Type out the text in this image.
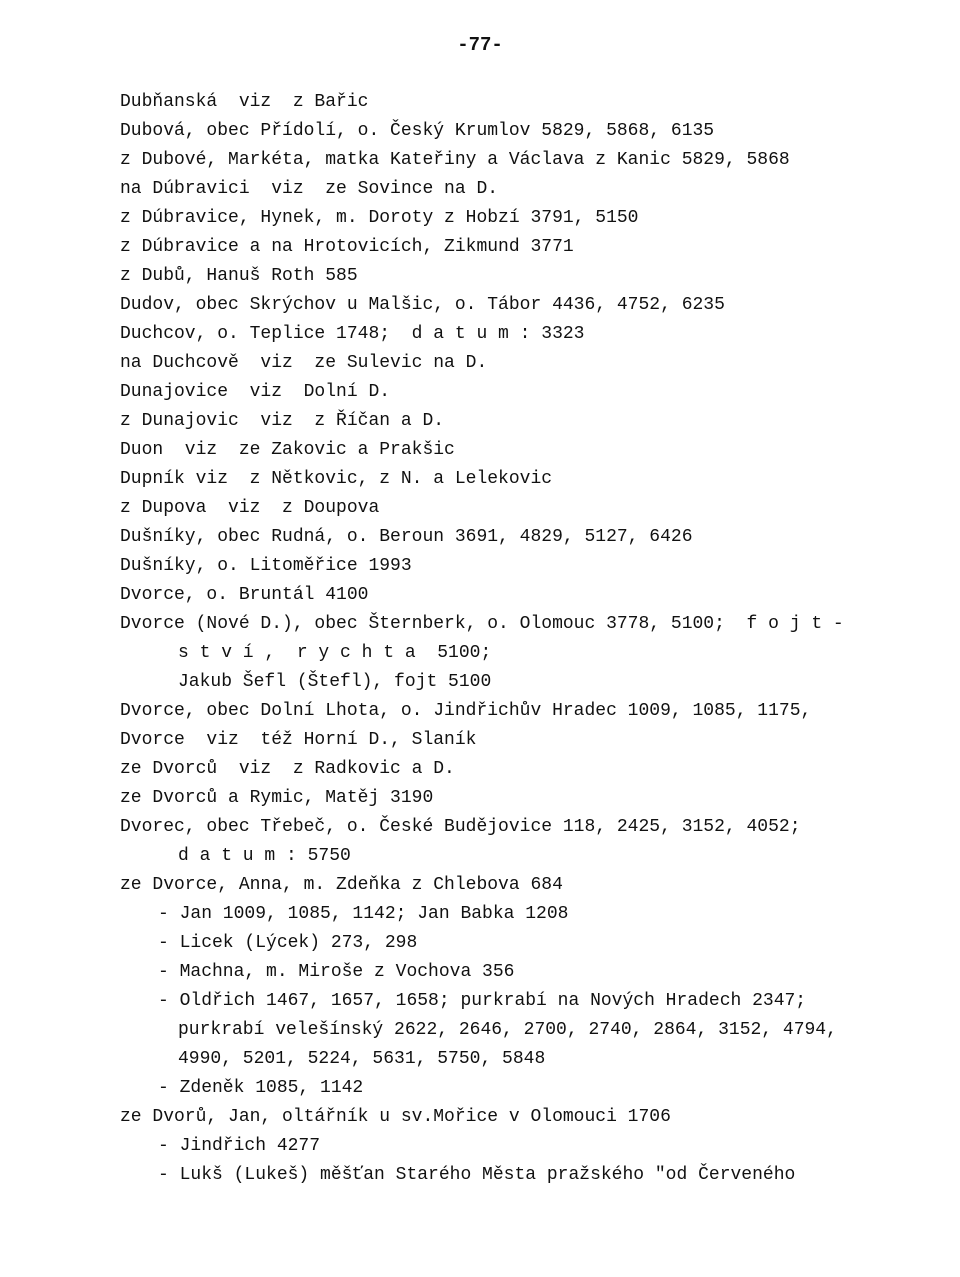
-77-
Dubňanská  viz  z Bařic
Dubová, obec Přídolí, o. Český Krumlov 5829, 5868, 6135
z Dubové, Markéta, matka Kateřiny a Václava z Kanic 5829, 5868
na Dúbravici  viz  ze Sovince na D.
z Dúbravice, Hynek, m. Doroty z Hobzí 3791, 5150
z Dúbravice a na Hrotovicích, Zikmund 3771
z Dubů, Hanuš Roth 585
Dudov, obec Skrýchov u Malšic, o. Tábor 4436, 4752, 6235
Duchcov, o. Teplice 1748;  d a t u m : 3323
na Duchcově  viz  ze Sulevic na D.
Dunajovice  viz  Dolní D.
z Dunajovic  viz  z Říčan a D.
Duon  viz  ze Zakovic a Prakšic
Dupník viz  z Nětkovic, z N. a Lelekovic
z Dupova  viz  z Doupova
Dušníky, obec Rudná, o. Beroun 3691, 4829, 5127, 6426
Dušníky, o. Litoměřice 1993
Dvorce, o. Bruntál 4100
Dvorce (Nové D.), obec Šternberk, o. Olomouc 3778, 5100;  f o j t -
s t v í ,  r y c h t a  5100;
Jakub Šefl (Štefl), fojt 5100
Dvorce, obec Dolní Lhota, o. Jindřichův Hradec 1009, 1085, 1175,
Dvorce  viz  též Horní D., Slaník
ze Dvorců  viz  z Radkovic a D.
ze Dvorců a Rymic, Matěj 3190
Dvorec, obec Třebeč, o. České Budějovice 118, 2425, 3152, 4052;
d a t u m : 5750
ze Dvorce, Anna, m. Zdeňka z Chlebova 684
- Jan 1009, 1085, 1142; Jan Babka 1208
- Licek (Lýcek) 273, 298
- Machna, m. Miroše z Vochova 356
- Oldřich 1467, 1657, 1658; purkrabí na Nových Hradech 2347;
purkrabí velešínský 2622, 2646, 2700, 2740, 2864, 3152, 4794,
4990, 5201, 5224, 5631, 5750, 5848
- Zdeněk 1085, 1142
ze Dvorů, Jan, oltářník u sv.Mořice v Olomouci 1706
- Jindřich 4277
- Lukš (Lukeš) měšťan Starého Města pražského "od Červeného
